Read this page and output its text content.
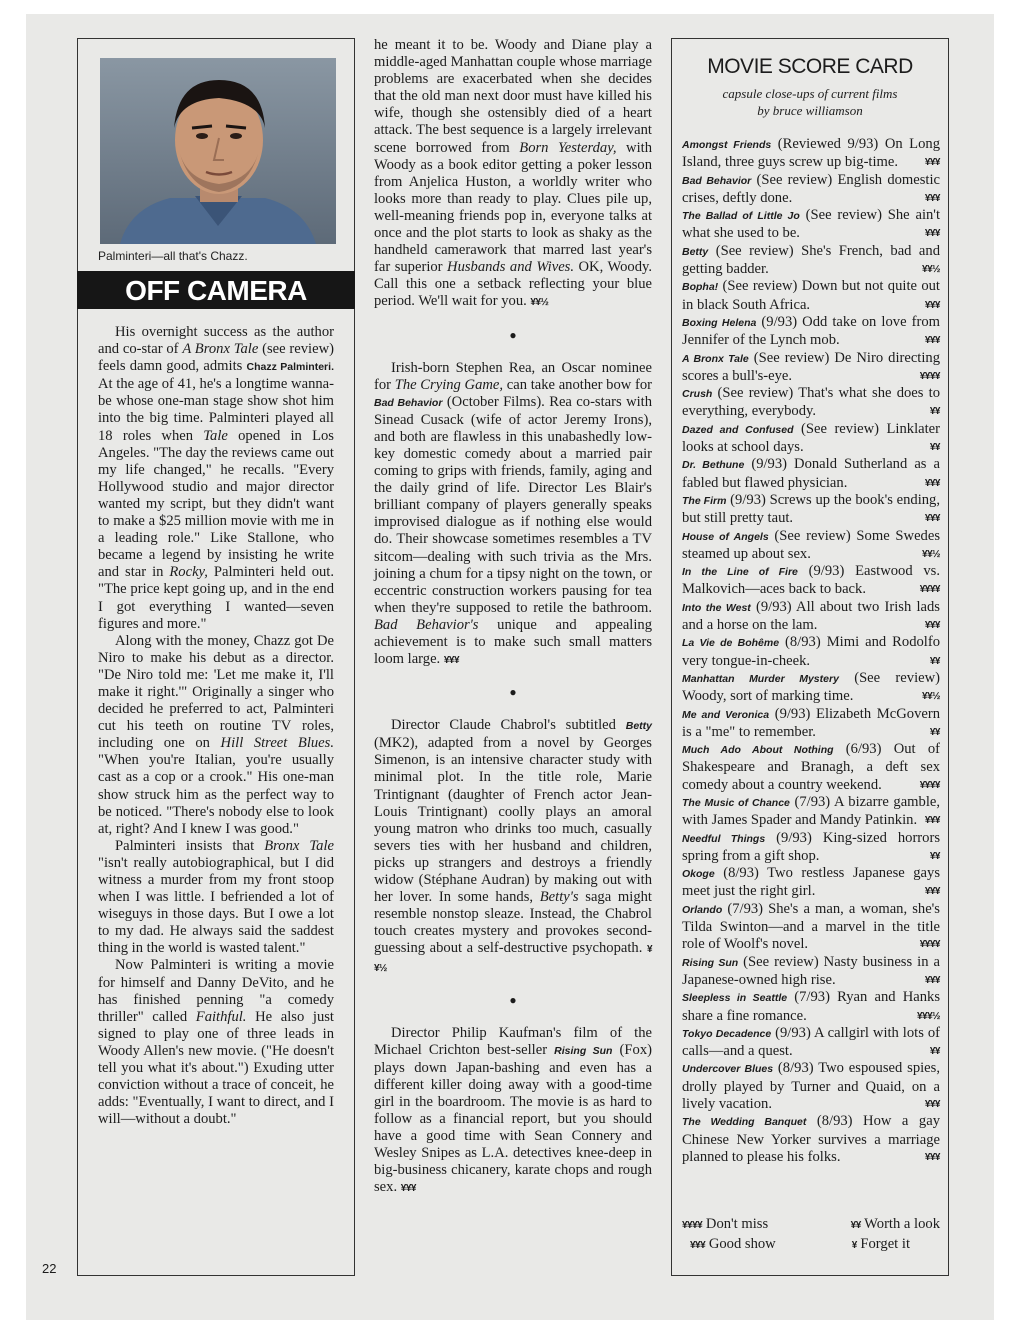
Palminteri—all that's Chazz.
OFF CAMERA

His overnight success as the author and co-star of A Bronx Tale (see review) feels damn good, admits Chazz Palminteri. At the age of 41, he's a longtime wanna-be whose one-man stage show shot him into the big time. Palminteri played all 18 roles when Tale opened in Los Angeles. "The day the reviews came out my life changed," he recalls. "Every Hollywood studio and major director wanted my script, but they didn't want to make a $25 million movie with me in a leading role." Like Stallone, who became a legend by insisting he write and star in Rocky, Palminteri held out. "The price kept going up, and in the end I got everything I wanted—seven figures and more."

Along with the money, Chazz got De Niro to make his debut as a director. "De Niro told me: 'Let me make it, I'll make it right.'" Originally a singer who decided he preferred to act, Palminteri cut his teeth on routine TV roles, including one on Hill Street Blues. "When you're Italian, you're usually cast as a cop or a crook." His one-man show struck him as the perfect way to be noticed. "There's nobody else to look at, right? And I knew I was good."

Palminteri insists that Bronx Tale "isn't really autobiographical, but I did witness a murder from my front stoop when I was little. I befriended a lot of wiseguys in those days. But I owe a lot to my dad. He always said the saddest thing in the world is wasted talent."

Now Palminteri is writing a movie for himself and Danny DeVito, and he has finished penning "a comedy thriller" called Faithful. He also just signed to play one of three leads in Woody Allen's new movie. ("He doesn't tell you what it's about.") Exuding utter conviction without a trace of conceit, he adds: "Eventually, I want to direct, and I will—without a doubt."

he meant it to be. Woody and Diane play a middle-aged Manhattan couple whose marriage problems are exacerbated when she decides that the old man next door must have killed his wife, though she ostensibly died of a heart attack. The best sequence is a largely irrelevant scene borrowed from Born Yesterday, with Woody as a book editor getting a poker lesson from Anjelica Huston, a worldly writer who looks more than ready to play. Clues pile up, well-meaning friends pop in, everyone talks at once and the plot starts to look as shaky as the handheld camerawork that marred last year's far superior Husbands and Wives. OK, Woody. Call this one a setback reflecting your blue period. We'll wait for you. ¥¥½

●

Irish-born Stephen Rea, an Oscar nominee for The Crying Game, can take another bow for Bad Behavior (October Films). Rea co-stars with Sinead Cusack (wife of actor Jeremy Irons), and both are flawless in this unabashedly low-key domestic comedy about a married pair coming to grips with friends, family, aging and the daily grind of life. Director Les Blair's brilliant company of players generally speaks improvised dialogue as if nothing else would do. Their showcase sometimes resembles a TV sitcom—dealing with such trivia as the Mrs. joining a chum for a tipsy night on the town, or eccentric construction workers pausing for tea when they're supposed to retile the bathroom. Bad Behavior's unique and appealing achievement is to make such small matters loom large. ¥¥¥

●

Director Claude Chabrol's subtitled Betty (MK2), adapted from a novel by Georges Simenon, is an intensive character study with minimal plot. In the title role, Marie Trintignant (daughter of French actor Jean-Louis Trintignant) coolly plays an amoral young matron who drinks too much, casually severs ties with her husband and children, picks up strangers and destroys a friendly widow (Stéphane Audran) by making out with her lover. In some hands, Betty's saga might resemble nonstop sleaze. Instead, the Chabrol touch creates mystery and provokes second-guessing about a self-destructive psychopath. ¥¥½

●

Director Philip Kaufman's film of the Michael Crichton best-seller Rising Sun (Fox) plays down Japan-bashing and even has a different killer doing away with a good-time girl in the boardroom. The movie is as hard to follow as a financial report, but you should have a good time with Sean Connery and Wesley Snipes as L.A. detectives knee-deep in big-business chicanery, karate chops and rough sex. ¥¥¥

MOVIE SCORE CARD
capsule close-ups of current films
by bruce williamson

Amongst Friends (Reviewed 9/93) On Long Island, three guys screw up big-time.	¥¥¥

Bad Behavior (See review) English domestic crises, deftly done.	¥¥¥

The Ballad of Little Jo (See review) She ain't what she used to be.	¥¥¥

Betty (See review) She's French, bad and getting badder.	¥¥½

Bopha! (See review) Down but not quite out in black South Africa.	¥¥¥

Boxing Helena (9/93) Odd take on love from Jennifer of the Lynch mob.	¥¥¥

A Bronx Tale (See review) De Niro directing scores a bull's-eye.	¥¥¥¥

Crush (See review) That's what she does to everything, everybody.	¥¥

Dazed and Confused (See review) Linklater looks at school days.	¥¥

Dr. Bethune (9/93) Donald Sutherland as a fabled but flawed physician.	¥¥¥

The Firm (9/93) Screws up the book's ending, but still pretty taut.	¥¥¥

House of Angels (See review) Some Swedes steamed up about sex.	¥¥½

In the Line of Fire (9/93) Eastwood vs. Malkovich—aces back to back.	¥¥¥¥

Into the West (9/93) All about two Irish lads and a horse on the lam.	¥¥¥

La Vie de Bohême (8/93) Mimi and Rodolfo very tongue-in-cheek.	¥¥

Manhattan Murder Mystery (See review) Woody, sort of marking time.	¥¥½

Me and Veronica (9/93) Elizabeth McGovern is a "me" to remember.	¥¥

Much Ado About Nothing (6/93) Out of Shakespeare and Branagh, a deft sex comedy about a country weekend.	¥¥¥¥

The Music of Chance (7/93) A bizarre gamble, with James Spader and Mandy Patinkin. ¥¥¥

Needful Things (9/93) King-sized horrors spring from a gift shop.	¥¥

Okoge (8/93) Two restless Japanese gays meet just the right girl.	¥¥¥

Orlando (7/93) She's a man, a woman, she's Tilda Swinton—and a marvel in the title role of Woolf's novel.	¥¥¥¥

Rising Sun (See review) Nasty business in a Japanese-owned high rise.	¥¥¥

Sleepless in Seattle (7/93) Ryan and Hanks share a fine romance.	¥¥¥½

Tokyo Decadence (9/93) A callgirl with lots of calls—and a quest.	¥¥

Undercover Blues (8/93) Two espoused spies, drolly played by Turner and Quaid, on a lively vacation.	¥¥¥

The Wedding Banquet (8/93) How a gay Chinese New Yorker survives a marriage planned to please his folks.	¥¥¥

¥¥¥¥ Don't miss	¥¥ Worth a look
¥¥¥ Good show	¥ Forget it
22
